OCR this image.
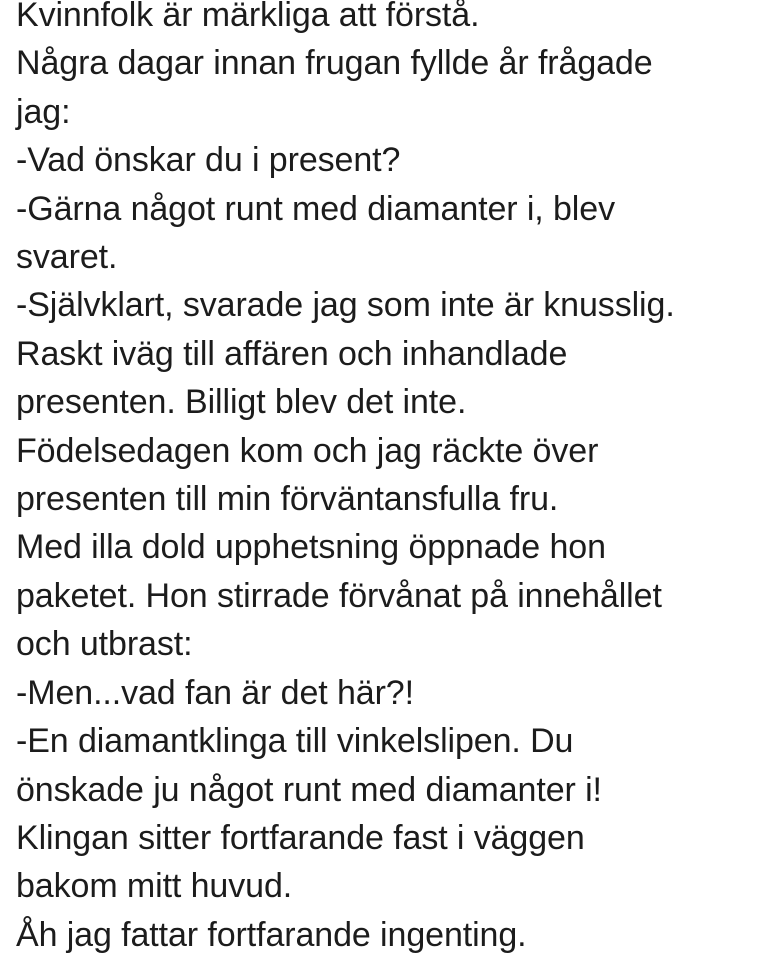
Kvinnfolk är märkliga att förstå.
Några dagar innan frugan fyllde år frågade
jag:
-Vad önskar du i present?
-Gärna något runt med diamanter i, blev
svaret.
-Självklart, svarade jag som inte är knusslig.
Raskt iväg till affären och inhandlade
presenten. Billigt blev det inte.
Födelsedagen kom och jag räckte över
presenten till min förväntansfulla fru.
Med illa dold upphetsning öppnade hon
paketet. Hon stirrade förvånat på innehållet
och utbrast:
-Men...vad fan är det här?!
-En diamantklinga till vinkelslipen. Du
önskade ju något runt med diamanter i!
Klingan sitter fortfarande fast i väggen
bakom mitt huvud.
Åh jag fattar fortfarande ingenting.
